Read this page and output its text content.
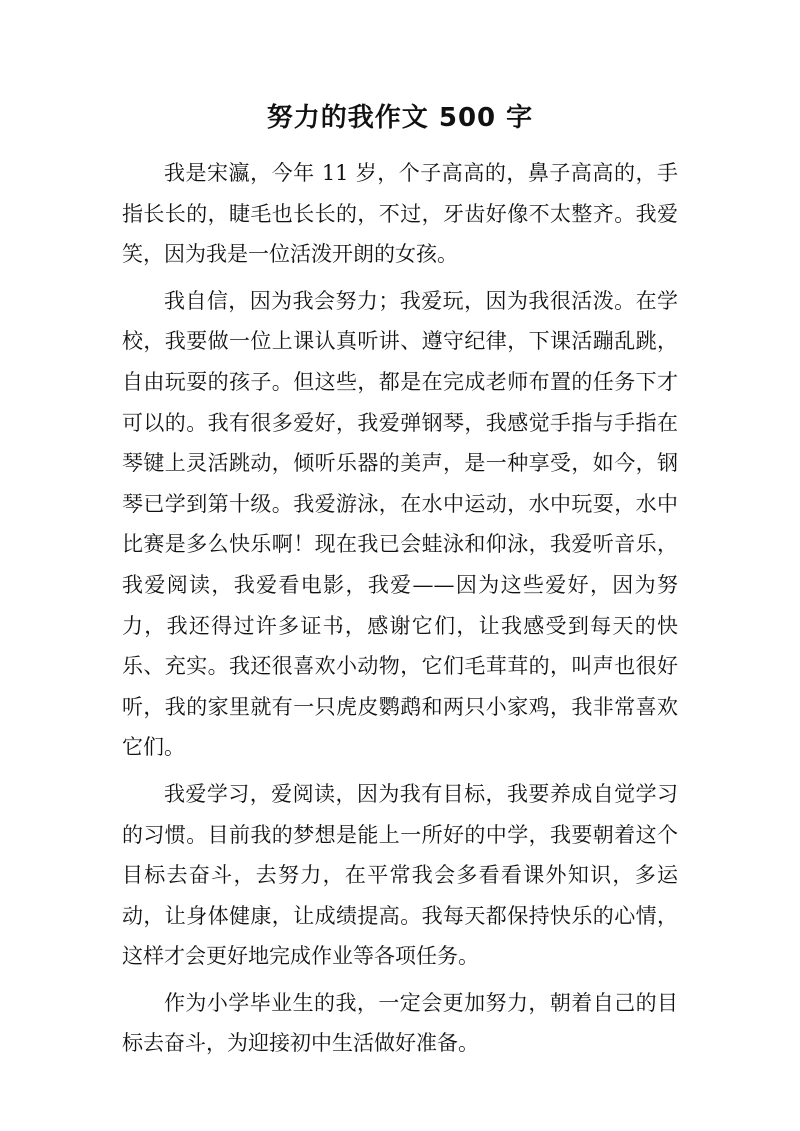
努力的我作文 500 字

我是宋瀛，今年 11 岁，个子高高的，鼻子高高的，手指长长的，睫毛也长长的，不过，牙齿好像不太整齐。我爱笑，因为我是一位活泼开朗的女孩。

我自信，因为我会努力；我爱玩，因为我很活泼。在学校，我要做一位上课认真听讲、遵守纪律，下课活蹦乱跳，自由玩耍的孩子。但这些，都是在完成老师布置的任务下才可以的。我有很多爱好，我爱弹钢琴，我感觉手指与手指在琴键上灵活跳动，倾听乐器的美声，是一种享受，如今，钢琴已学到第十级。我爱游泳，在水中运动，水中玩耍，水中比赛是多么快乐啊！现在我已会蛙泳和仰泳，我爱听音乐，我爱阅读，我爱看电影，我爱——因为这些爱好，因为努力，我还得过许多证书，感谢它们，让我感受到每天的快乐、充实。我还很喜欢小动物，它们毛茸茸的，叫声也很好听，我的家里就有一只虎皮鹦鹉和两只小家鸡，我非常喜欢它们。

我爱学习，爱阅读，因为我有目标，我要养成自觉学习的习惯。目前我的梦想是能上一所好的中学，我要朝着这个目标去奋斗，去努力，在平常我会多看看课外知识，多运动，让身体健康，让成绩提高。我每天都保持快乐的心情，这样才会更好地完成作业等各项任务。

作为小学毕业生的我，一定会更加努力，朝着自己的目标去奋斗，为迎接初中生活做好准备。
